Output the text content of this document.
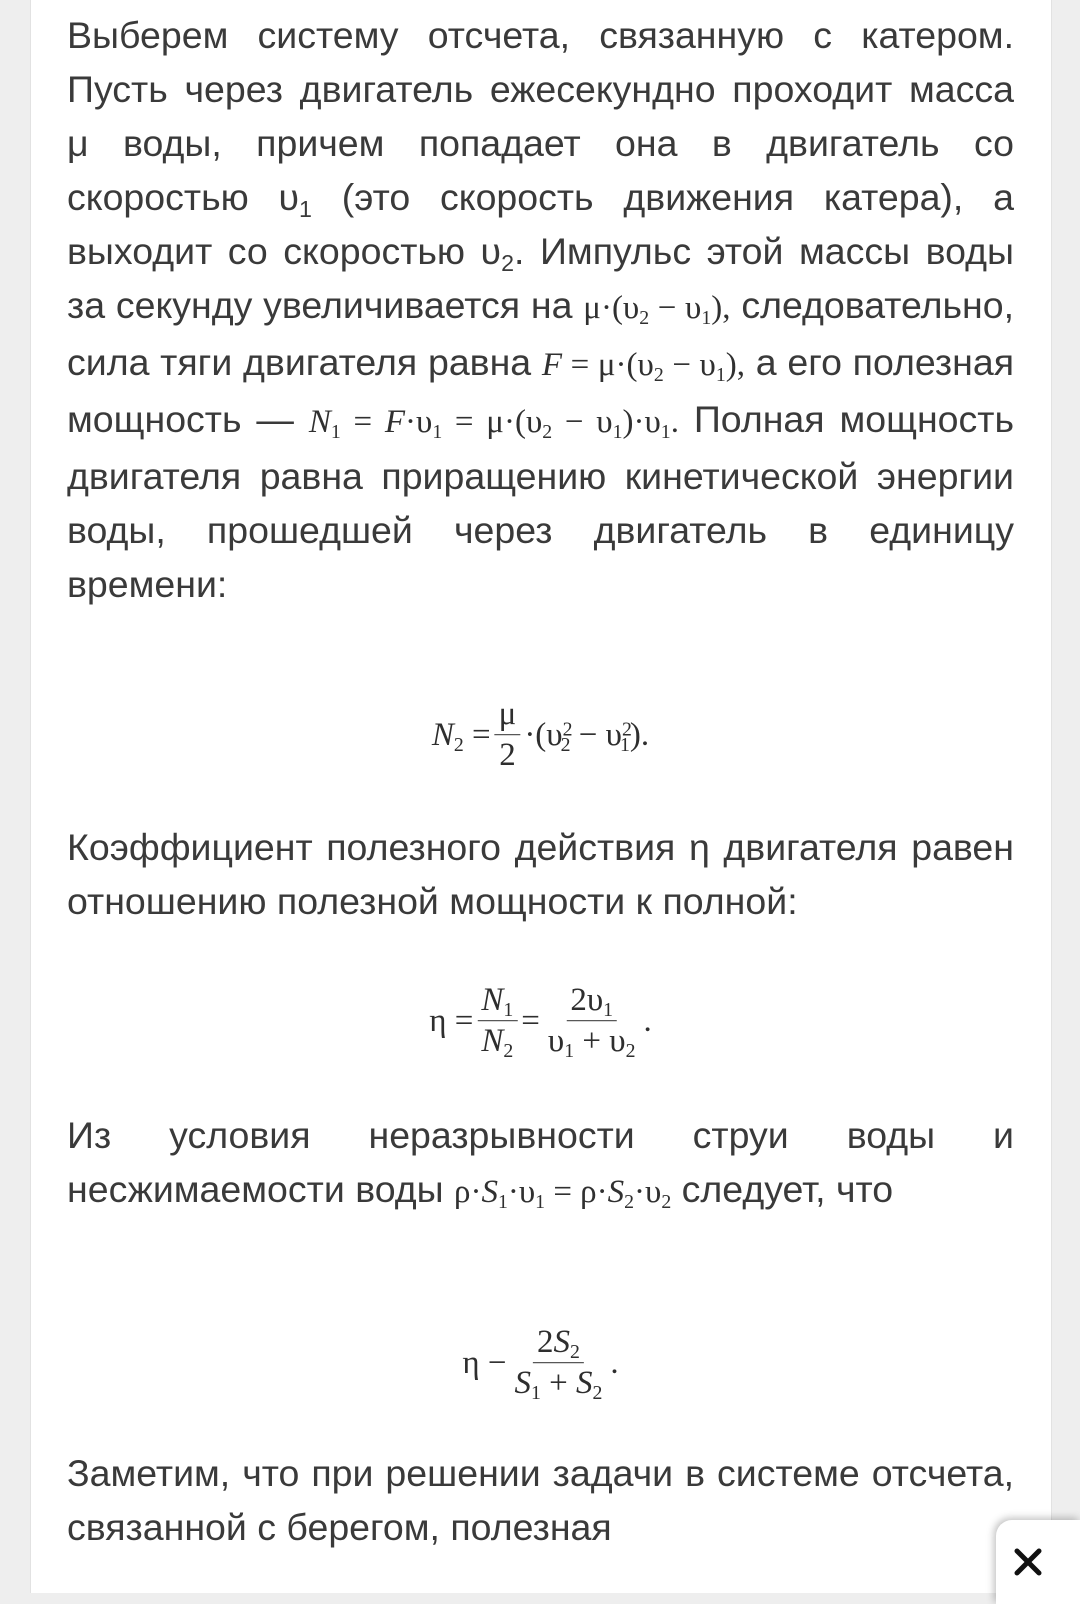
Выберем систему отсчета, связанную с катером. Пусть через двигатель ежесекундно проходит масса μ воды, причем попадает она в двигатель со скоростью υ1 (это скорость движения катера), а выходит со скоростью υ2. Импульс этой массы воды за секунду увеличивается на $\mu\cdot(\upsilon_2 - \upsilon_1)$, следовательно, сила тяги двигателя равна $F = \mu\cdot(\upsilon_2 - \upsilon_1)$, а его полезная мощность — $N_1 = F\cdot\upsilon_1 = \mu\cdot(\upsilon_2 - \upsilon_1)\cdot\upsilon_1$. Полная мощность двигателя равна приращению кинетической энергии воды, прошедшей через двигатель в единицу времени:

$N_2 = \frac{\mu}{2} \cdot(\upsilon^2_2 - \upsilon^2_1)$.

Коэффициент полезного действия η двигателя равен отношению полезной мощности к полной:

$\eta = \frac{N_1}{N_2} = \frac{2\upsilon_1}{\upsilon_1 + \upsilon_2}$ .

Из условия неразрывности струи воды и несжимаемости воды $\rho\cdot S_1\cdot\upsilon_1 = \rho\cdot S_2\cdot\upsilon_2$ следует, что

$\eta - \frac{2S_2}{S_1 + S_2}$ .

Заметим, что при решении задачи в системе отсчета, связанной с берегом, полезная
